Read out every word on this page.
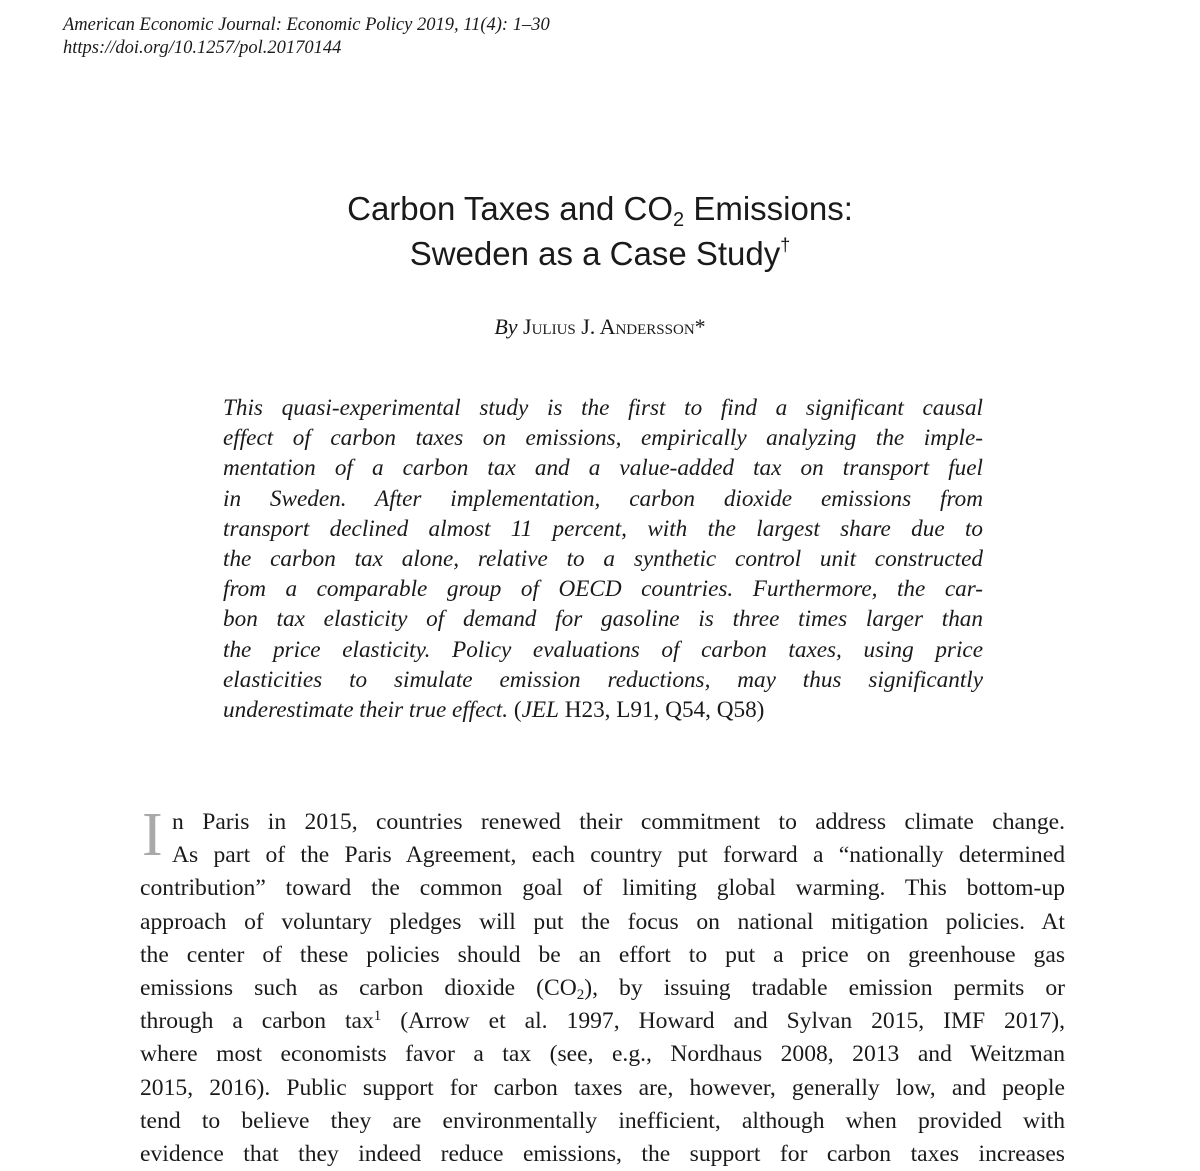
American Economic Journal: Economic Policy 2019, 11(4): 1–30
https://doi.org/10.1257/pol.20170144
Carbon Taxes and $CO_2$ Emissions:
Sweden as a Case Study†
By Julius J. Andersson*
This quasi-experimental study is the first to find a significant causal
effect of carbon taxes on emissions, empirically analyzing the imple-
mentation of a carbon tax and a value-added tax on transport fuel
in Sweden. After implementation, carbon dioxide emissions from
transport declined almost 11 percent, with the largest share due to
the carbon tax alone, relative to a synthetic control unit constructed
from a comparable group of OECD countries. Furthermore, the car-
bon tax elasticity of demand for gasoline is three times larger than
the price elasticity. Policy evaluations of carbon taxes, using price
elasticities to simulate emission reductions, may thus significantly
underestimate their true effect. (JEL H23, L91, Q54, Q58)
I n Paris in 2015, countries renewed their commitment to address climate change.
As part of the Paris Agreement, each country put forward a “nationally determined
contribution” toward the common goal of limiting global warming. This bottom-up
approach of voluntary pledges will put the focus on national mitigation policies. At
the center of these policies should be an effort to put a price on greenhouse gas
emissions such as carbon dioxide $(CO_2)$, by issuing tradable emission permits or
through a carbon tax$^1$ (Arrow et al. 1997, Howard and Sylvan 2015, IMF 2017),
where most economists favor a tax (see, e.g., Nordhaus 2008, 2013 and Weitzman
2015, 2016). Public support for carbon taxes are, however, generally low, and people
tend to believe they are environmentally inefficient, although when provided with
evidence that they indeed reduce emissions, the support for carbon taxes increases
